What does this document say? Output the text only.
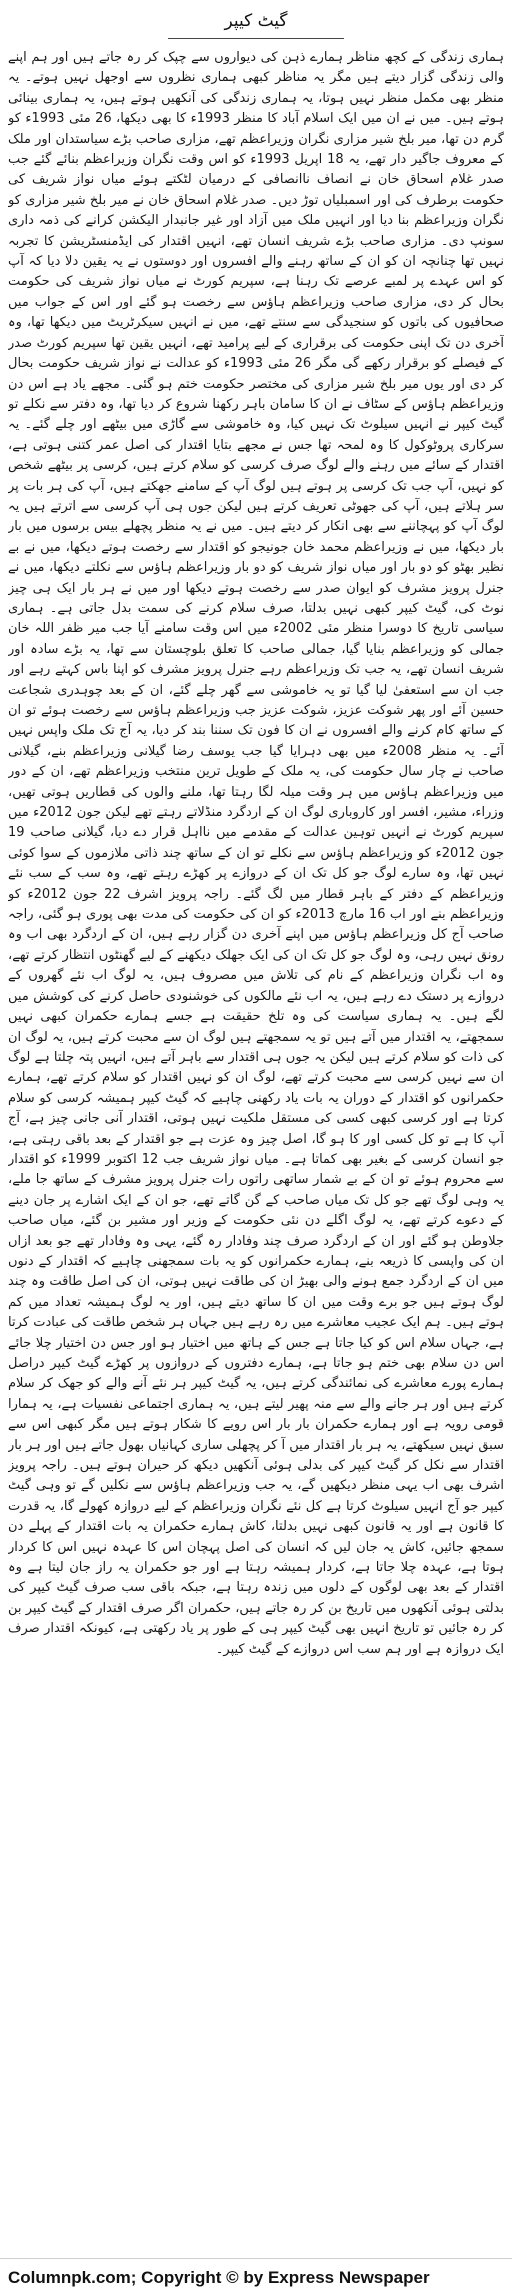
گیٹ کیپر

ہماری زندگی کے کچھ مناظر ہمارے ذہن کی دیواروں سے چپک کر رہ جاتے ہیں اور ہم اپنے والی زندگی گزار دیتے ہیں مگر یہ مناظر کبھی ہماری نظروں سے اوجھل نہیں ہوتے۔ یہ منظر بھی مکمل منظر نہیں ہوتا، یہ ہماری زندگی کی آنکھیں ہوتے ہیں، یہ ہماری بینائی ہوتے ہیں۔ میں نے ان میں ایک اسلام آباد کا منظر 1993ء کا بھی دیکھا، 26 مئی 1993ء کو گرم دن تھا، میر بلخ شیر مزاری نگران وزیراعظم تھے، مزاری صاحب بڑے سیاستدان اور ملک کے معروف جاگیر دار تھے، یہ 18 اپریل 1993ء کو اس وقت نگران وزیراعظم بنائے گئے جب صدر غلام اسحاق خان نے انصاف ناانصافی کے درمیان لٹکتے ہوئے میاں نواز شریف کی حکومت برطرف کی اور اسمبلیاں توڑ دیں۔ صدر غلام اسحاق خان نے میر بلخ شیر مزاری کو نگران وزیراعظم بنا دیا اور انہیں ملک میں آزاد اور غیر جانبدار الیکشن کرانے کی ذمہ داری سونپ دی۔ مزاری صاحب بڑے شریف انسان تھے، انہیں اقتدار کی ایڈمنسٹریشن کا تجربہ نہیں تھا چنانچہ ان کو ان کے ساتھ رہنے والے افسروں اور دوستوں نے یہ یقین دلا دیا کہ آپ کو اس عہدے پر لمبے عرصے تک رہنا ہے، سپریم کورٹ نے میاں نواز شریف کی حکومت بحال کر دی، مزاری صاحب وزیراعظم ہاؤس سے رخصت ہو گئے اور اس کے جواب میں صحافیوں کی باتوں کو سنجیدگی سے سنتے تھے، میں نے انہیں سیکرٹریٹ میں دیکھا تھا، وہ آخری دن تک اپنی حکومت کی برقراری کے لیے پرامید تھے، انہیں یقین تھا سپریم کورٹ صدر کے فیصلے کو برقرار رکھے گی مگر 26 مئی 1993ء کو عدالت نے نواز شریف حکومت بحال کر دی اور یوں میر بلخ شیر مزاری کی مختصر حکومت ختم ہو گئی۔ مجھے یاد ہے اس دن وزیراعظم ہاؤس کے سٹاف نے ان کا سامان باہر رکھنا شروع کر دیا تھا، وہ دفتر سے نکلے تو گیٹ کیپر نے انہیں سیلوٹ تک نہیں کیا، وہ خاموشی سے گاڑی میں بیٹھے اور چلے گئے۔ یہ سرکاری پروٹوکول کا وہ لمحہ تھا جس نے مجھے بتایا اقتدار کی اصل عمر کتنی ہوتی ہے، اقتدار کے سائے میں رہنے والے لوگ صرف کرسی کو سلام کرتے ہیں، کرسی پر بیٹھے شخص کو نہیں، آپ جب تک کرسی پر ہوتے ہیں لوگ آپ کے سامنے جھکتے ہیں، آپ کی ہر بات پر سر ہلاتے ہیں، آپ کی جھوٹی تعریف کرتے ہیں لیکن جوں ہی آپ کرسی سے اترتے ہیں یہ لوگ آپ کو پہچاننے سے بھی انکار کر دیتے ہیں۔ میں نے یہ منظر پچھلے بیس برسوں میں بار بار دیکھا، میں نے وزیراعظم محمد خان جونیجو کو اقتدار سے رخصت ہوتے دیکھا، میں نے بے نظیر بھٹو کو دو بار اور میاں نواز شریف کو دو بار وزیراعظم ہاؤس سے نکلتے دیکھا، میں نے جنرل پرویز مشرف کو ایوان صدر سے رخصت ہوتے دیکھا اور میں نے ہر بار ایک ہی چیز نوٹ کی، گیٹ کیپر کبھی نہیں بدلتا، صرف سلام کرنے کی سمت بدل جاتی ہے۔ ہماری سیاسی تاریخ کا دوسرا منظر مئی 2002ء میں اس وقت سامنے آیا جب میر ظفر اللہ خان جمالی کو وزیراعظم بنایا گیا، جمالی صاحب کا تعلق بلوچستان سے تھا، یہ بڑے سادہ اور شریف انسان تھے، یہ جب تک وزیراعظم رہے جنرل پرویز مشرف کو اپنا باس کہتے رہے اور جب ان سے استعفیٰ لیا گیا تو یہ خاموشی سے گھر چلے گئے، ان کے بعد چوہدری شجاعت حسین آئے اور پھر شوکت عزیز، شوکت عزیز جب وزیراعظم ہاؤس سے رخصت ہوئے تو ان کے ساتھ کام کرنے والے افسروں نے ان کا فون تک سننا بند کر دیا، یہ آج تک ملک واپس نہیں آئے۔ یہ منظر 2008ء میں بھی دہرایا گیا جب یوسف رضا گیلانی وزیراعظم بنے، گیلانی صاحب نے چار سال حکومت کی، یہ ملک کے طویل ترین منتخب وزیراعظم تھے، ان کے دور میں وزیراعظم ہاؤس میں ہر وقت میلہ لگا رہتا تھا، ملنے والوں کی قطاریں ہوتی تھیں، وزراء، مشیر، افسر اور کاروباری لوگ ان کے اردگرد منڈلاتے رہتے تھے لیکن جون 2012ء میں سپریم کورٹ نے انہیں توہین عدالت کے مقدمے میں نااہل قرار دے دیا، گیلانی صاحب 19 جون 2012ء کو وزیراعظم ہاؤس سے نکلے تو ان کے ساتھ چند ذاتی ملازموں کے سوا کوئی نہیں تھا، وہ سارے لوگ جو کل تک ان کے دروازے پر کھڑے رہتے تھے، وہ سب کے سب نئے وزیراعظم کے دفتر کے باہر قطار میں لگ گئے۔ راجہ پرویز اشرف 22 جون 2012ء کو وزیراعظم بنے اور اب 16 مارچ 2013ء کو ان کی حکومت کی مدت بھی پوری ہو گئی، راجہ صاحب آج کل وزیراعظم ہاؤس میں اپنے آخری دن گزار رہے ہیں، ان کے اردگرد بھی اب وہ رونق نہیں رہی، وہ لوگ جو کل تک ان کی ایک جھلک دیکھنے کے لیے گھنٹوں انتظار کرتے تھے، وہ اب نگران وزیراعظم کے نام کی تلاش میں مصروف ہیں، یہ لوگ اب نئے گھروں کے دروازے پر دستک دے رہے ہیں، یہ اب نئے مالکوں کی خوشنودی حاصل کرنے کی کوشش میں لگے ہیں۔ یہ ہماری سیاست کی وہ تلخ حقیقت ہے جسے ہمارے حکمران کبھی نہیں سمجھتے، یہ اقتدار میں آتے ہیں تو یہ سمجھتے ہیں لوگ ان سے محبت کرتے ہیں، یہ لوگ ان کی ذات کو سلام کرتے ہیں لیکن یہ جوں ہی اقتدار سے باہر آتے ہیں، انہیں پتہ چلتا ہے لوگ ان سے نہیں کرسی سے محبت کرتے تھے، لوگ ان کو نہیں اقتدار کو سلام کرتے تھے، ہمارے حکمرانوں کو اقتدار کے دوران یہ بات یاد رکھنی چاہیے کہ گیٹ کیپر ہمیشہ کرسی کو سلام کرتا ہے اور کرسی کبھی کسی کی مستقل ملکیت نہیں ہوتی، اقتدار آنی جانی چیز ہے، آج آپ کا ہے تو کل کسی اور کا ہو گا، اصل چیز وہ عزت ہے جو اقتدار کے بعد باقی رہتی ہے، جو انسان کرسی کے بغیر بھی کماتا ہے۔ میاں نواز شریف جب 12 اکتوبر 1999ء کو اقتدار سے محروم ہوئے تو ان کے بے شمار ساتھی راتوں رات جنرل پرویز مشرف کے ساتھ جا ملے، یہ وہی لوگ تھے جو کل تک میاں صاحب کے گن گاتے تھے، جو ان کے ایک اشارے پر جان دینے کے دعوے کرتے تھے، یہ لوگ اگلے دن نئی حکومت کے وزیر اور مشیر بن گئے، میاں صاحب جلاوطن ہو گئے اور ان کے اردگرد صرف چند وفادار رہ گئے، یہی وہ وفادار تھے جو بعد ازاں ان کی واپسی کا ذریعہ بنے، ہمارے حکمرانوں کو یہ بات سمجھنی چاہیے کہ اقتدار کے دنوں میں ان کے اردگرد جمع ہونے والی بھیڑ ان کی طاقت نہیں ہوتی، ان کی اصل طاقت وہ چند لوگ ہوتے ہیں جو برے وقت میں ان کا ساتھ دیتے ہیں، اور یہ لوگ ہمیشہ تعداد میں کم ہوتے ہیں۔ ہم ایک عجیب معاشرے میں رہ رہے ہیں جہاں ہر شخص طاقت کی عبادت کرتا ہے، جہاں سلام اس کو کیا جاتا ہے جس کے ہاتھ میں اختیار ہو اور جس دن اختیار چلا جائے اس دن سلام بھی ختم ہو جاتا ہے، ہمارے دفتروں کے دروازوں پر کھڑے گیٹ کیپر دراصل ہمارے پورے معاشرے کی نمائندگی کرتے ہیں، یہ گیٹ کیپر ہر نئے آنے والے کو جھک کر سلام کرتے ہیں اور ہر جانے والے سے منہ پھیر لیتے ہیں، یہ ہماری اجتماعی نفسیات ہے، یہ ہمارا قومی رویہ ہے اور ہمارے حکمران بار بار اس رویے کا شکار ہوتے ہیں مگر کبھی اس سے سبق نہیں سیکھتے، یہ ہر بار اقتدار میں آ کر پچھلی ساری کہانیاں بھول جاتے ہیں اور ہر بار اقتدار سے نکل کر گیٹ کیپر کی بدلی ہوئی آنکھیں دیکھ کر حیران ہوتے ہیں۔ راجہ پرویز اشرف بھی اب یہی منظر دیکھیں گے، یہ جب وزیراعظم ہاؤس سے نکلیں گے تو وہی گیٹ کیپر جو آج انہیں سیلوٹ کرتا ہے کل نئے نگران وزیراعظم کے لیے دروازہ کھولے گا، یہ قدرت کا قانون ہے اور یہ قانون کبھی نہیں بدلتا، کاش ہمارے حکمران یہ بات اقتدار کے پہلے دن سمجھ جائیں، کاش یہ جان لیں کہ انسان کی اصل پہچان اس کا عہدہ نہیں اس کا کردار ہوتا ہے، عہدہ چلا جاتا ہے، کردار ہمیشہ رہتا ہے اور جو حکمران یہ راز جان لیتا ہے وہ اقتدار کے بعد بھی لوگوں کے دلوں میں زندہ رہتا ہے، جبکہ باقی سب صرف گیٹ کیپر کی بدلتی ہوئی آنکھوں میں تاریخ بن کر رہ جاتے ہیں، حکمران اگر صرف اقتدار کے گیٹ کیپر بن کر رہ جائیں تو تاریخ انہیں بھی گیٹ کیپر ہی کے طور پر یاد رکھتی ہے، کیونکہ اقتدار صرف ایک دروازہ ہے اور ہم سب اس دروازے کے گیٹ کیپر۔

Columnpk.com; Copyright © by Express Newspaper
